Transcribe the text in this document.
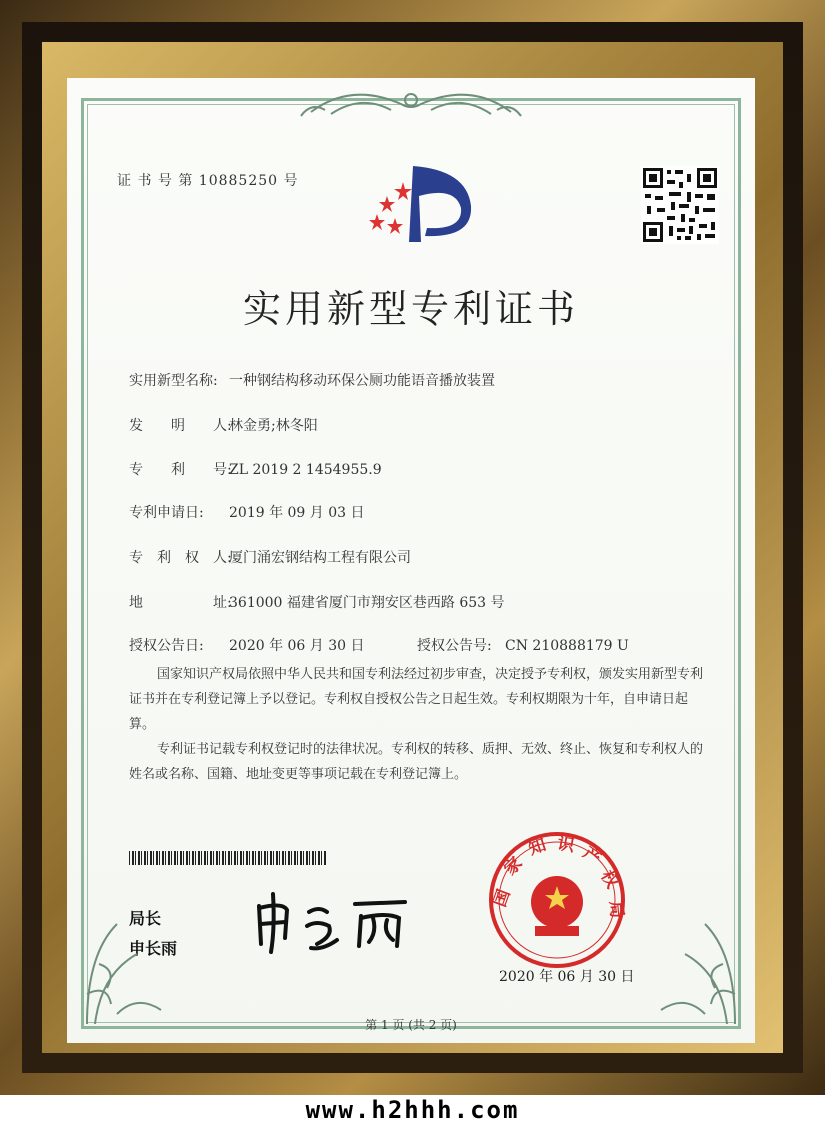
证 书 号 第 10885250 号
实用新型专利证书
实用新型名称: 一种钢结构移动环保公厕功能语音播放装置
发　　明　　人:林金勇;林冬阳
专　　利　　号:ZL 2019 2 1454955.9
专利申请日: 2019 年 09 月 03 日
专　利　权　人:厦门涌宏钢结构工程有限公司
地　　　　　址:361000 福建省厦门市翔安区巷西路 653 号
授权公告日: 2020 年 06 月 30 日	授权公告号: CN 210888179 U
国家知识产权局依照中华人民共和国专利法经过初步审查，决定授予专利权，颁发实用新型专利证书并在专利登记簿上予以登记。专利权自授权公告之日起生效。专利权期限为十年，自申请日起算。
专利证书记载专利权登记时的法律状况。专利权的转移、质押、无效、终止、恢复和专利权人的姓名或名称、国籍、地址变更等事项记载在专利登记簿上。
局长
申长雨
国
家
知 识 产
权
局
2020 年 06 月 30 日
第 1 页 (共 2 页)
www.h2hhh.com
